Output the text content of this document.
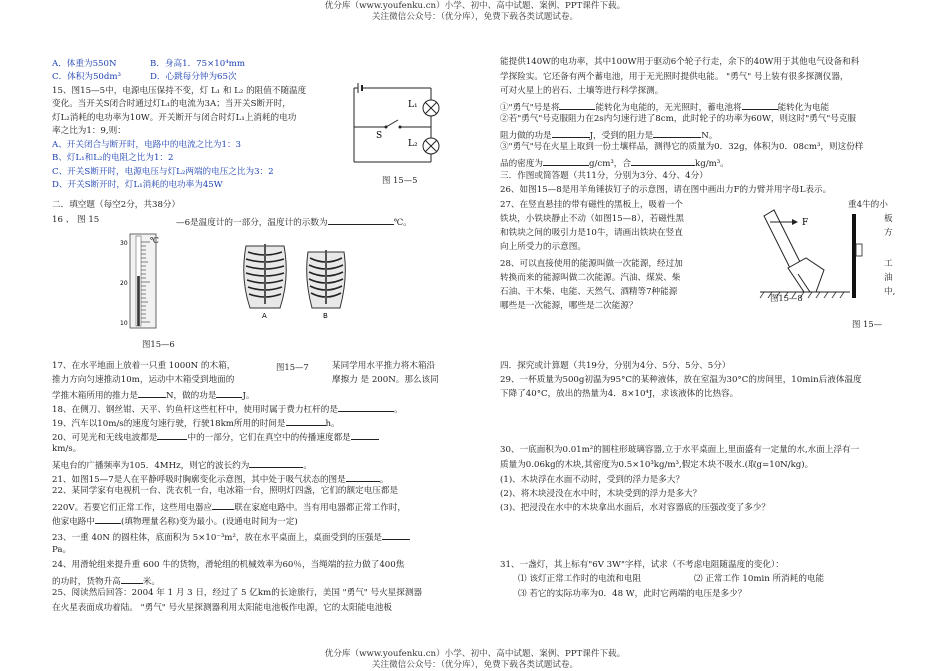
优分库（www.youfenku.cn）小学、初中、高中试题、案例、PPT课件下载。
关注微信公众号：（优分库），免费下载各类试题试卷。
优分库（www.youfenku.cn）小学、初中、高中试题、案例、PPT课件下载。
关注微信公众号：（优分库），免费下载各类试题试卷。
A．体重为550N	B．身高1．75×10⁴mm
C．体积为50dm³	D．心跳每分钟为65次
15、图15—5中，电源电压保持不变，灯 L₁ 和 L₂ 的阻值不随温度
变化。当开关S闭合时通过灯L₁的电流为3A；当开关S断开时，
灯L₂消耗的电功率为10W。开关断开与闭合时灯L₁上消耗的电功
率之比为1：9,则：
A、开关闭合与断开时，电路中的电流之比为1：3
B、灯L₁和L₂的电阻之比为1：2
C、开关S断开时，电源电压与灯L₂两端的电压之比为3：2
D、开关S断开时，灯L₁消耗的电功率为45W
L₁
L₂
S
图 15—5
二．填空题（每空2分，共38分）
16 、 图 15	—6是温度计的一部分，温度计的示数为	℃。
℃
30
20
10
图15—6
A	B
17、在水平地面上放着一只重 1000N 的木箱，	图15—7	某同学用水平推力将木箱沿
推力方向匀速推动10m，运动中木箱受到地面的	摩擦力 是 200N。那么该同
学推木箱所用的推力是	N，做的功是	J。
18、在侧刀、钢丝钳、天平、钓鱼杆这些杠杆中，使用时属于费力杠杆的是	。
19、汽车以10m/s的速度匀速行驶，行驶18km所用的时间是	h。
20、可见光和无线电波都是	中的一部分，它们在真空中的传播速度都是
km/s。
某电台的广播频率为105．4MHz，则它的波长约为	。
21、如图15—7是人在平静呼吸时胸廓变化示意图，其中处于吸气状态的图是	。
22、某同学家有电视机一台、洗衣机一台，电冰箱一台，照明灯四盏，它们的额定电压都是
220V。若要它们正常工作，这些用电器应	联在家庭电路中。当有用电器都正常工作时，
他家电路中	(填物理量名称)变为最小。(设通电时间为一定)
23、一重 40N 的圆柱体，底面积为 5×10⁻³m²，放在水平桌面上，桌面受到的压强是
Pa。
24、用滑轮组来提升重 600 牛的货物，滑轮组的机械效率为60％，当绳端的拉力做了400焦
的功时，货物升高	米。
25、阅读然后回答：2004 年 1 月 3 日，经过了 5 亿km的长途旅行，美国 "勇气" 号火星探测器
在火星表面成功着陆。 "勇气" 号火星探测器利用太阳能电池板作电源，它的太阳能电池板
能提供140W的电功率，其中100W用于驱动6个轮子行走，余下的40W用于其他电气设备和科
学探险实。它还备有两个蓄电池，用于无光照时提供电能。 "勇气" 号上装有很多探测仪器，
可对火星上的岩石、土壤等进行科学探测。
①"勇气"号是将	能转化为电能的，无光照时，蓄电池将	能转化为电能
②若"勇气"号克服阻力在2s内匀速行进了8cm，此时轮子的功率为60W，则这时"勇气"号克服
阻力做的功是	J，受到的阻力是	N。
③"勇气"号在火星上取到一份土壤样品，测得它的质量为0．32g，体积为0．08cm³，则这份样
品的密度为	g/cm³，合	kg/m³。
三．作图或简答题（共11分，分别为3分、4分、4分）
26、如图15—8是用羊角锤拔钉子的示意图，请在图中画出力F的力臂并用字母L表示。
27、在竖直悬挂的带有磁性的黑板上，吸着一个
铁块，小铁块静止不动（如图15—8），若磁性黑
和铁块之间的吸引力是10牛，请画出铁块在竖直
向上所受力的示意图。
28、可以直接使用的能源叫做一次能源，经过加
转换而来的能源叫做二次能源。汽油、煤炭、柴
石油、干木柴、电能、天然气、酒精等7种能源
哪些是一次能源，哪些是二次能源？
F
图15—8
重4牛的小
板
方
工
油
中,
图 15—
四．探究或计算题（共19分，分别为4分、5分、5分、5分）
29、一杯质量为500g初温为95°C的某种液体，放在室温为30°C的房间里，10min后液体温度
下降了40°C，放出的热量为4．8×10⁴J，求该液体的比热容。
30、一底面积为0.01m²的圆柱形玻璃容器,立于水平桌面上,里面盛有一定量的水,水面上浮有一
质量为0.06kg的木块,其密度为0.5×10³kg/m³,假定木块不吸水.(取g=10N/kg)。
(1)、木块浮在水面不动时，受到的浮力是多大？
(2)、将木块浸没在水中时，木块受到的浮力是多大？
(3)、把浸没在水中的木块拿出水面后，水对容器底的压强改变了多少？
31、一盏灯，其上标有"6V 3W"字样，试求（不考虑电阻随温度的变化）：
⑴ 该灯正常工作时的电流和电阻	⑵ 正常工作 10min 所消耗的电能
⑶ 若它的实际功率为0．48 W，此时它两端的电压是多少？
